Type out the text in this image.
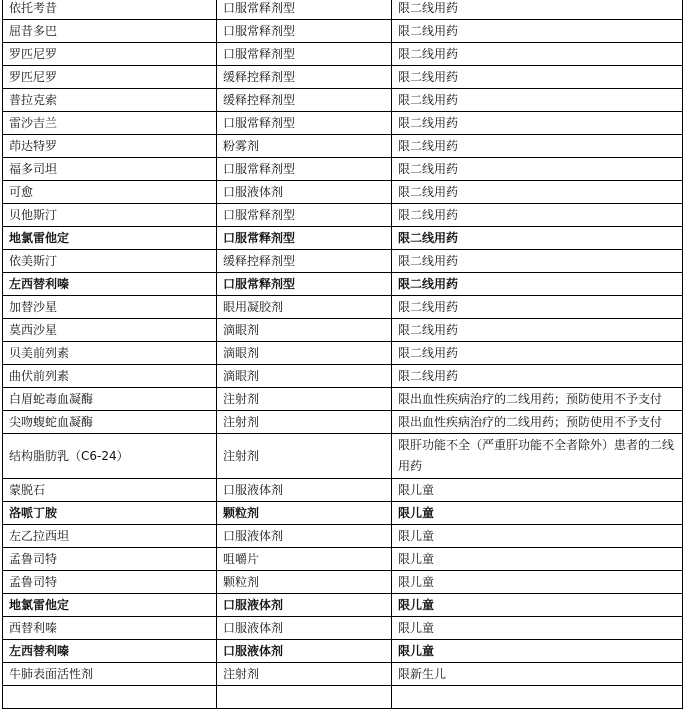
依托考昔	口服常释剂型	限二线用药
屈昔多巴	口服常释剂型	限二线用药
罗匹尼罗	口服常释剂型	限二线用药
罗匹尼罗	缓释控释剂型	限二线用药
普拉克索	缓释控释剂型	限二线用药
雷沙吉兰	口服常释剂型	限二线用药
茚达特罗	粉雾剂	限二线用药
福多司坦	口服常释剂型	限二线用药
可愈	口服液体剂	限二线用药
贝他斯汀	口服常释剂型	限二线用药
地氯雷他定	口服常释剂型	限二线用药
依美斯汀	缓释控释剂型	限二线用药
左西替利嗪	口服常释剂型	限二线用药
加替沙星	眼用凝胶剂	限二线用药
莫西沙星	滴眼剂	限二线用药
贝美前列素	滴眼剂	限二线用药
曲伏前列素	滴眼剂	限二线用药
白眉蛇毒血凝酶	注射剂	限出血性疾病治疗的二线用药；预防使用不予支付
尖吻蝮蛇血凝酶	注射剂	限出血性疾病治疗的二线用药；预防使用不予支付
结构脂肪乳（C6-24）	注射剂	限肝功能不全（严重肝功能不全者除外）患者的二线用药
蒙脱石	口服液体剂	限儿童
洛哌丁胺	颗粒剂	限儿童
左乙拉西坦	口服液体剂	限儿童
孟鲁司特	咀嚼片	限儿童
孟鲁司特	颗粒剂	限儿童
地氯雷他定	口服液体剂	限儿童
西替利嗪	口服液体剂	限儿童
左西替利嗪	口服液体剂	限儿童
牛肺表面活性剂	注射剂	限新生儿
